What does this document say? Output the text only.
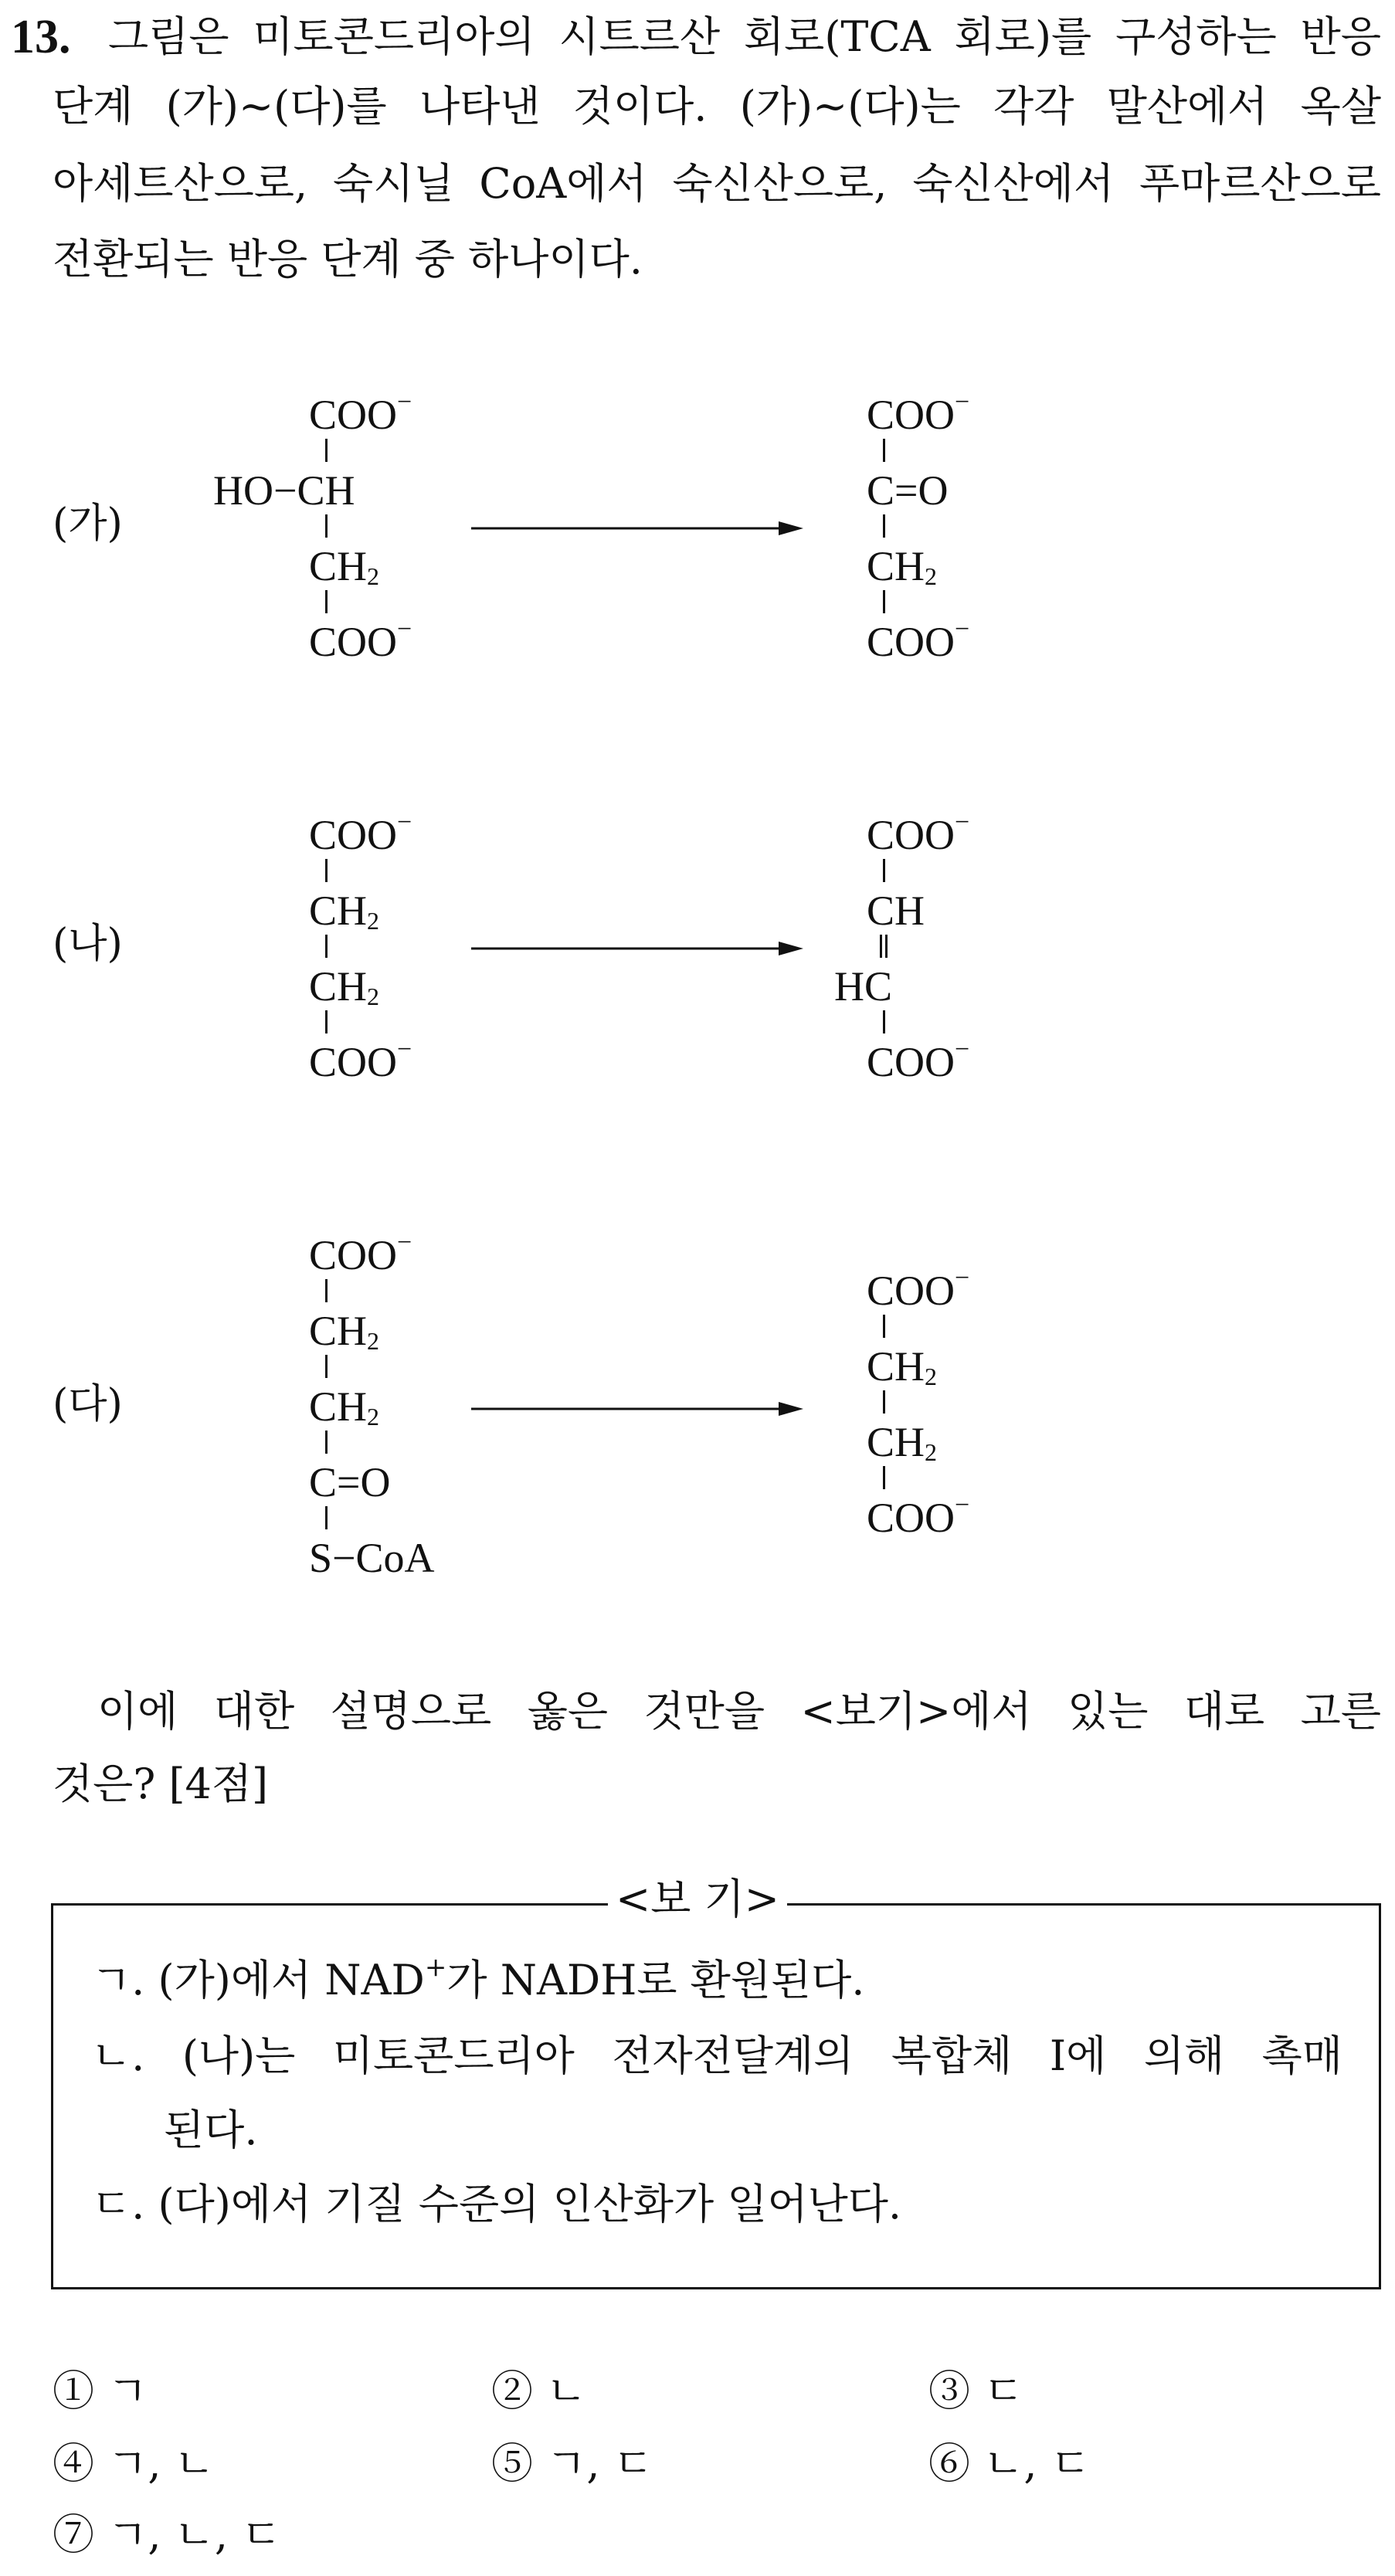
13. 그림은 미토콘드리아의 시트르산 회로(TCA 회로)를 구성하는 반응
단계 (가)~(다)를 나타낸 것이다. (가)~(다)는 각각 말산에서 옥살
아세트산으로, 숙시닐 CoA에서 숙신산으로, 숙신산에서 푸마르산으로
전환되는 반응 단계 중 하나이다.
(가)
COO−
HO−CH
$CH_2$
COO−
COO−
C=O
$CH_2$
COO−
(나)
COO−
$CH_2$
$CH_2$
COO−
COO−
CH
HC
COO−
(다)
COO−
$CH_2$
$CH_2$
C=O
S−CoA
COO−
$CH_2$
$CH_2$
COO−
이에 대한 설명으로 옳은 것만을 <보기>에서 있는 대로 고른
것은? [4점]
<보 기>
ㄱ. (가)에서 NAD+가 NADH로 환원된다.
ㄴ. (나)는 미토콘드리아 전자전달계의 복합체 I에 의해 촉매
된다.
ㄷ. (다)에서 기질 수준의 인산화가 일어난다.
① ㄱ	② ㄴ	③ ㄷ
④ ㄱ, ㄴ	⑤ ㄱ, ㄷ	⑥ ㄴ, ㄷ
⑦ ㄱ, ㄴ, ㄷ
